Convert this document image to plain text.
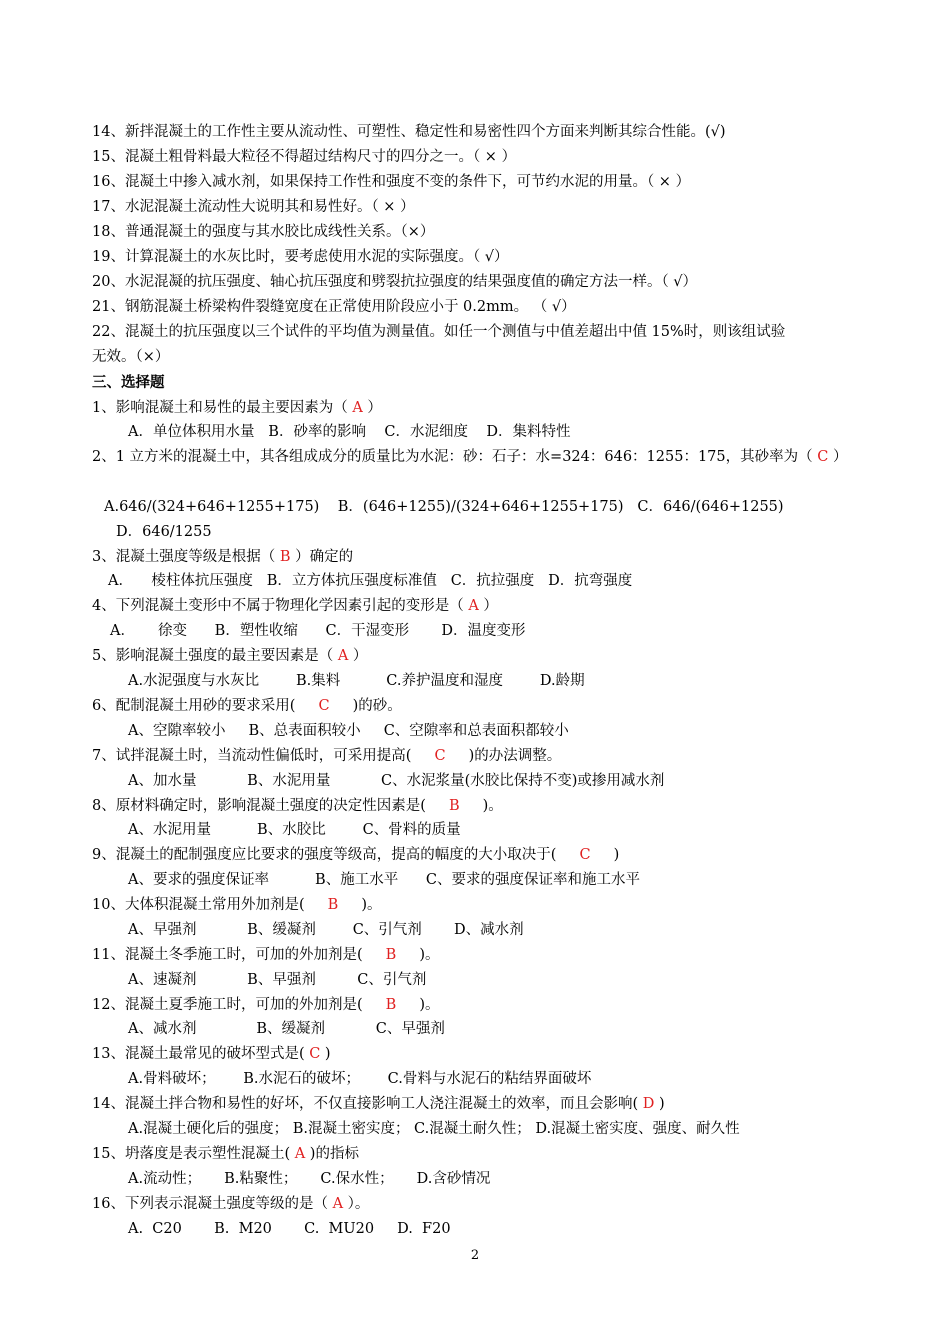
14、新拌混凝土的工作性主要从流动性、可塑性、稳定性和易密性四个方面来判断其综合性能。(√)
15、混凝土粗骨料最大粒径不得超过结构尺寸的四分之一。（ × ）
16、混凝土中掺入减水剂，如果保持工作性和强度不变的条件下，可节约水泥的用量。（ × ）
17、水泥混凝土流动性大说明其和易性好。（ × ）
18、普通混凝土的强度与其水胶比成线性关系。（×）
19、计算混凝土的水灰比时，要考虑使用水泥的实际强度。（ √）
20、水泥混凝的抗压强度、轴心抗压强度和劈裂抗拉强度的结果强度值的确定方法一样。（ √）
21、钢筋混凝土桥梁构件裂缝宽度在正常使用阶段应小于 0.2mm。 （ √）
22、混凝土的抗压强度以三个试件的平均值为测量值。如任一个测值与中值差超出中值 15%时，则该组试验
无效。（×）
三、选择题
1、影响混凝土和易性的最主要因素为（ A ）
A．单位体积用水量   B．砂率的影响    C．水泥细度    D．集料特性
2、1 立方米的混凝土中，其各组成成分的质量比为水泥：砂：石子：水=324：646：1255：175，其砂率为（ C ）
A.646/(324+646+1255+175)    B．(646+1255)/(324+646+1255+175)   C．646/(646+1255)
D．646/1255
3、混凝土强度等级是根据（ B ）确定的
A．    棱柱体抗压强度   B．立方体抗压强度标准值   C．抗拉强度   D．抗弯强度
4、下列混凝土变形中不属于物理化学因素引起的变形是（ A ）
A．     徐变      B．塑性收缩      C．干湿变形       D．温度变形
5、影响混凝土强度的最主要因素是（ A ）
A.水泥强度与水灰比        B.集料          C.养护温度和湿度        D.龄期
6、配制混凝土用砂的要求采用(     C     )的砂。
A、空隙率较小     B、总表面积较小     C、空隙率和总表面积都较小
7、试拌混凝土时，当流动性偏低时，可采用提高(     C     )的办法调整。
A、加水量           B、水泥用量           C、水泥浆量(水胶比保持不变)或掺用减水剂
8、原材料确定时，影响混凝土强度的决定性因素是(     B     )。
A、水泥用量          B、水胶比        C、骨料的质量
9、混凝土的配制强度应比要求的强度等级高，提高的幅度的大小取决于(     C     )
A、要求的强度保证率          B、施工水平      C、要求的强度保证率和施工水平
10、大体积混凝土常用外加剂是(     B     )。
A、早强剂           B、缓凝剂        C、引气剂       D、减水剂
11、混凝土冬季施工时，可加的外加剂是(     B     )。
A、速凝剂           B、早强剂         C、引气剂
12、混凝土夏季施工时，可加的外加剂是(     B     )。
A、减水剂             B、缓凝剂           C、早强剂
13、混凝土最常见的破坏型式是( C )
A.骨料破坏；      B.水泥石的破坏；      C.骨料与水泥石的粘结界面破坏
14、混凝土拌合物和易性的好坏，不仅直接影响工人浇注混凝土的效率，而且会影响( D )
A.混凝土硬化后的强度； B.混凝土密实度； C.混凝土耐久性； D.混凝土密实度、强度、耐久性
15、坍落度是表示塑性混凝土( A )的指标
A.流动性；     B.粘聚性；     C.保水性；     D.含砂情况
16、下列表示混凝土强度等级的是（ A ）。
A.  C20       B.  M20       C.  MU20     D.  F20
2
